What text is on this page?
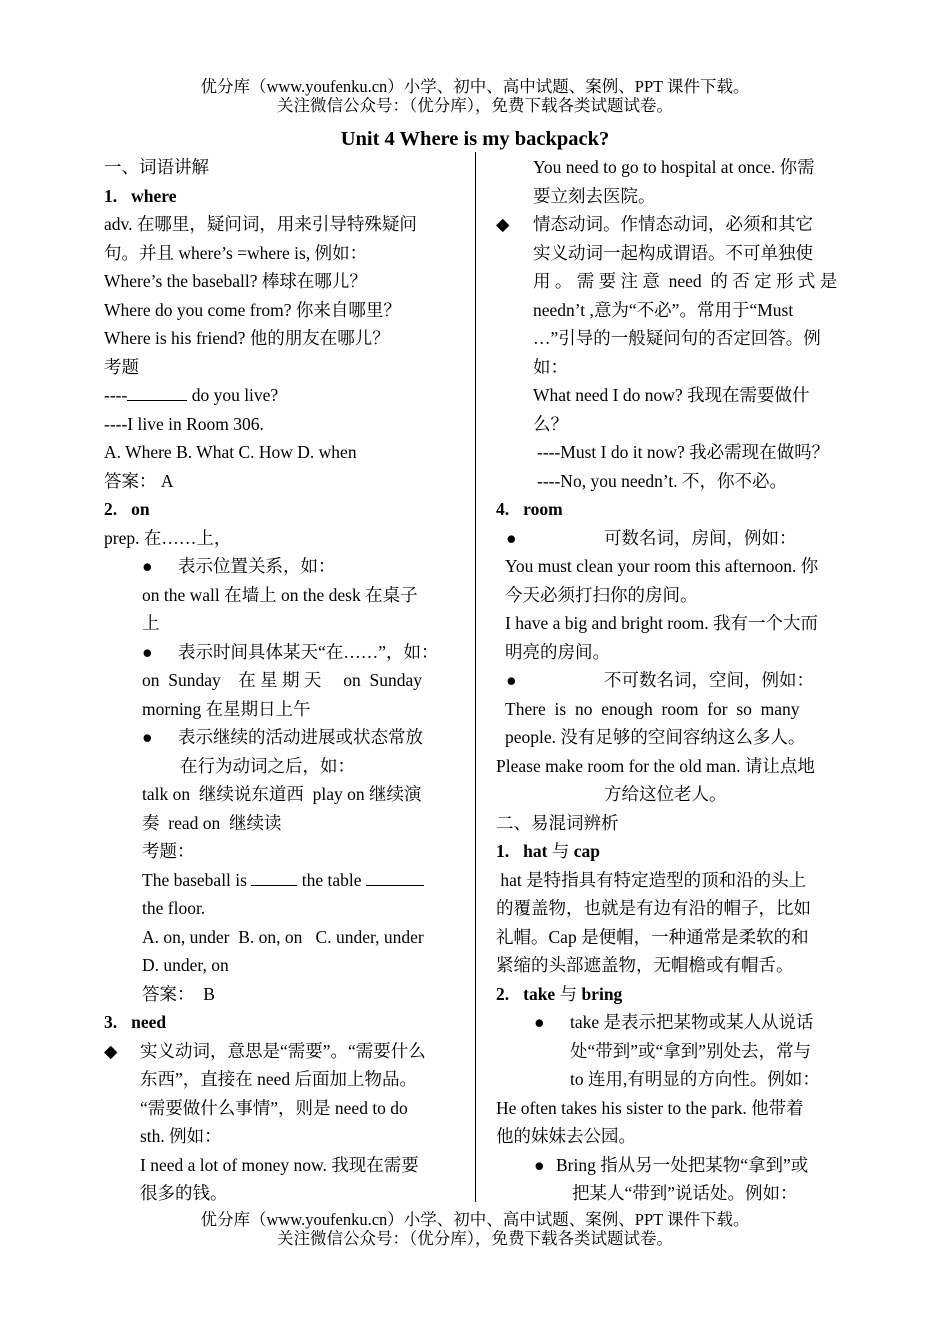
优分库（www.youfenku.cn）小学、初中、高中试题、案例、PPT 课件下载。
关注微信公众号：（优分库），免费下载各类试题试卷。
Unit 4 Where is my backpack?
一、词语讲解
1. where
adv. 在哪里，疑问词，用来引导特殊疑问
句。并且 where’s =where is, 例如：
Where’s the baseball? 棒球在哪儿？
Where do you come from? 你来自哪里？
Where is his friend? 他的朋友在哪儿？
考题
----	do you live?
----I live in Room 306.
A. Where B. What C. How D. when
答案： A
2. on
prep. 在……上，
● 表示位置关系，如：
on the wall 在墙上 on the desk 在桌子
上
● 表示时间具体某天“在……”，如：
on  Sunday    在 星 期 天     on  Sunday
morning 在星期日上午
● 表示继续的活动进展或状态常放
在行为动词之后，如：
talk on  继续说东道西  play on 继续演
奏  read on  继续读
考题：
The baseball is	the table
the floor.
A. on, under  B. on, on   C. under, under
D. under, on
答案：  B
3. need
◆ 实义动词，意思是“需要”。“需要什么
东西”，直接在 need 后面加上物品。
“需要做什么事情”，则是 need to do
sth. 例如：
I need a lot of money now. 我现在需要
很多的钱。
You need to go to hospital at once. 你需
要立刻去医院。
◆ 情态动词。作情态动词，必须和其它
实义动词一起构成谓语。不可单独使
用 。 需 要 注 意  need  的 否 定 形 式 是
needn’t ,意为“不必”。常用于“Must
…”引导的一般疑问句的否定回答。例
如：
What need I do now? 我现在需要做什
么？
----Must I do it now? 我必需现在做吗？
----No, you needn’t. 不，你不必。
4. room
●	可数名词，房间，例如：
You must clean your room this afternoon. 你
今天必须打扫你的房间。
I have a big and bright room. 我有一个大而
明亮的房间。
●	不可数名词，空间，例如：
There  is  no  enough  room  for  so  many
people. 没有足够的空间容纳这么多人。
Please make room for the old man. 请让点地
方给这位老人。
二、易混词辨析
1. hat 与 cap
hat 是特指具有特定造型的顶和沿的头上
的覆盖物，也就是有边有沿的帽子，比如
礼帽。Cap 是便帽，一种通常是柔软的和
紧缩的头部遮盖物，无帽檐或有帽舌。
2. take 与 bring
● take 是表示把某物或某人从说话
处“带到”或“拿到”别处去，常与
to 连用,有明显的方向性。例如：
He often takes his sister to the park. 他带着
他的妹妹去公园。
● Bring 指从另一处把某物“拿到”或
把某人“带到”说话处。例如：
优分库（www.youfenku.cn）小学、初中、高中试题、案例、PPT 课件下载。
关注微信公众号：（优分库），免费下载各类试题试卷。
